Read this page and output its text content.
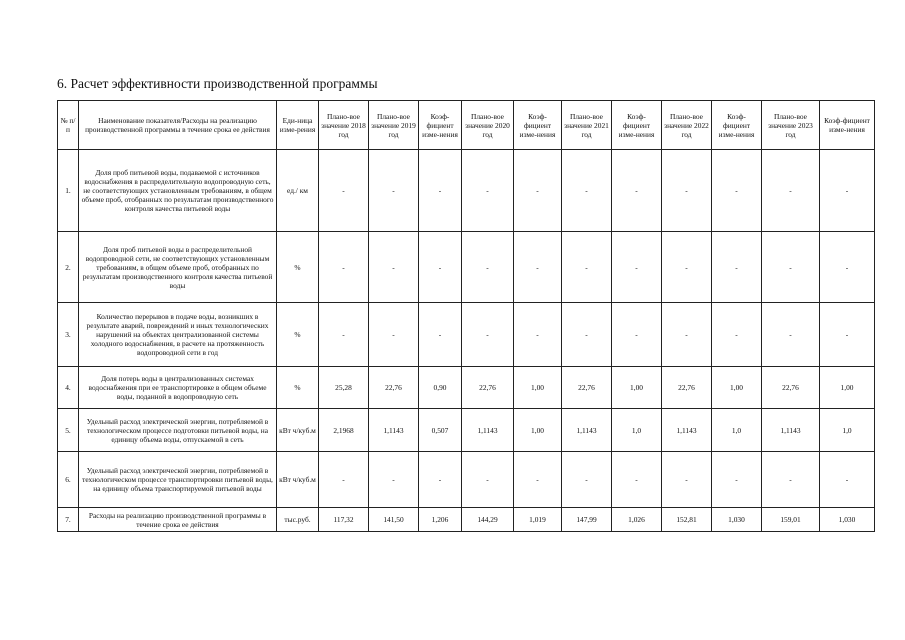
6. Расчет эффективности производственной программы
№ п/п	Наименование показателя/Расходы на реализацию производственной программы в течение срока ее действия	Еди-ница изме-рения	Плано-вое значение 2018 год	Плано-вое значение 2019 год	Коэф-фициент изме-нения	Плано-вое значение 2020 год	Коэф-фициент изме-нения	Плано-вое значение 2021 год	Коэф-фициент изме-нения	Плано-вое значение 2022 год	Коэф-фициент изме-нения	Плано-вое значение 2023 год	Коэф-фициент изме-нения
1.	Доля проб питьевой воды, подаваемой с источников водоснабжения в распределительную водопроводную сеть, не соответствующих установленным требованиям, в общем объеме проб, отобранных по результатам производственного контроля качества питьевой воды	ед./ км	-	-	-	-	-	-	-	-	-	-	-
2.	Доля проб питьевой воды в распределительной водопроводной сети, не соответствующих установленным требованиям, в общем объеме проб, отобранных по результатам производственного контроля качества питьевой воды	%	-	-	-	-	-	-	-	-	-	-	-
3.	Количество перерывов в подаче воды, возникших в результате аварий, повреждений и иных технологических нарушений на объектах централизованной системы холодного водоснабжения, в расчете на протяженность водопроводной сети в год	%	-	-	-	-	-	-	-	-	-	-	-
4.	Доля потерь воды в централизованных системах водоснабжения при ее транспортировке в общем объеме воды, поданной в водопроводную сеть	%	25,28	22,76	0,90	22,76	1,00	22,76	1,00	22,76	1,00	22,76	1,00
5.	Удельный расход электрической энергии, потребляемой в технологическом процессе подготовки питьевой воды, на единицу объема воды, отпускаемой в сеть	кВт ч/куб.м	2,1968	1,1143	0,507	1,1143	1,00	1,1143	1,0	1,1143	1,0	1,1143	1,0
6.	Удельный расход электрической энергии, потребляемой в технологическом процессе транспортировки питьевой воды, на единицу объема транспортируемой питьевой воды	кВт ч/куб.м	-	-	-	-	-	-	-	-	-	-	-
7.	Расходы на реализацию производственной программы в течение срока ее действия	тыс.руб.	117,32	141,50	1,206	144,29	1,019	147,99	1,026	152,81	1,030	159,01	1,030
